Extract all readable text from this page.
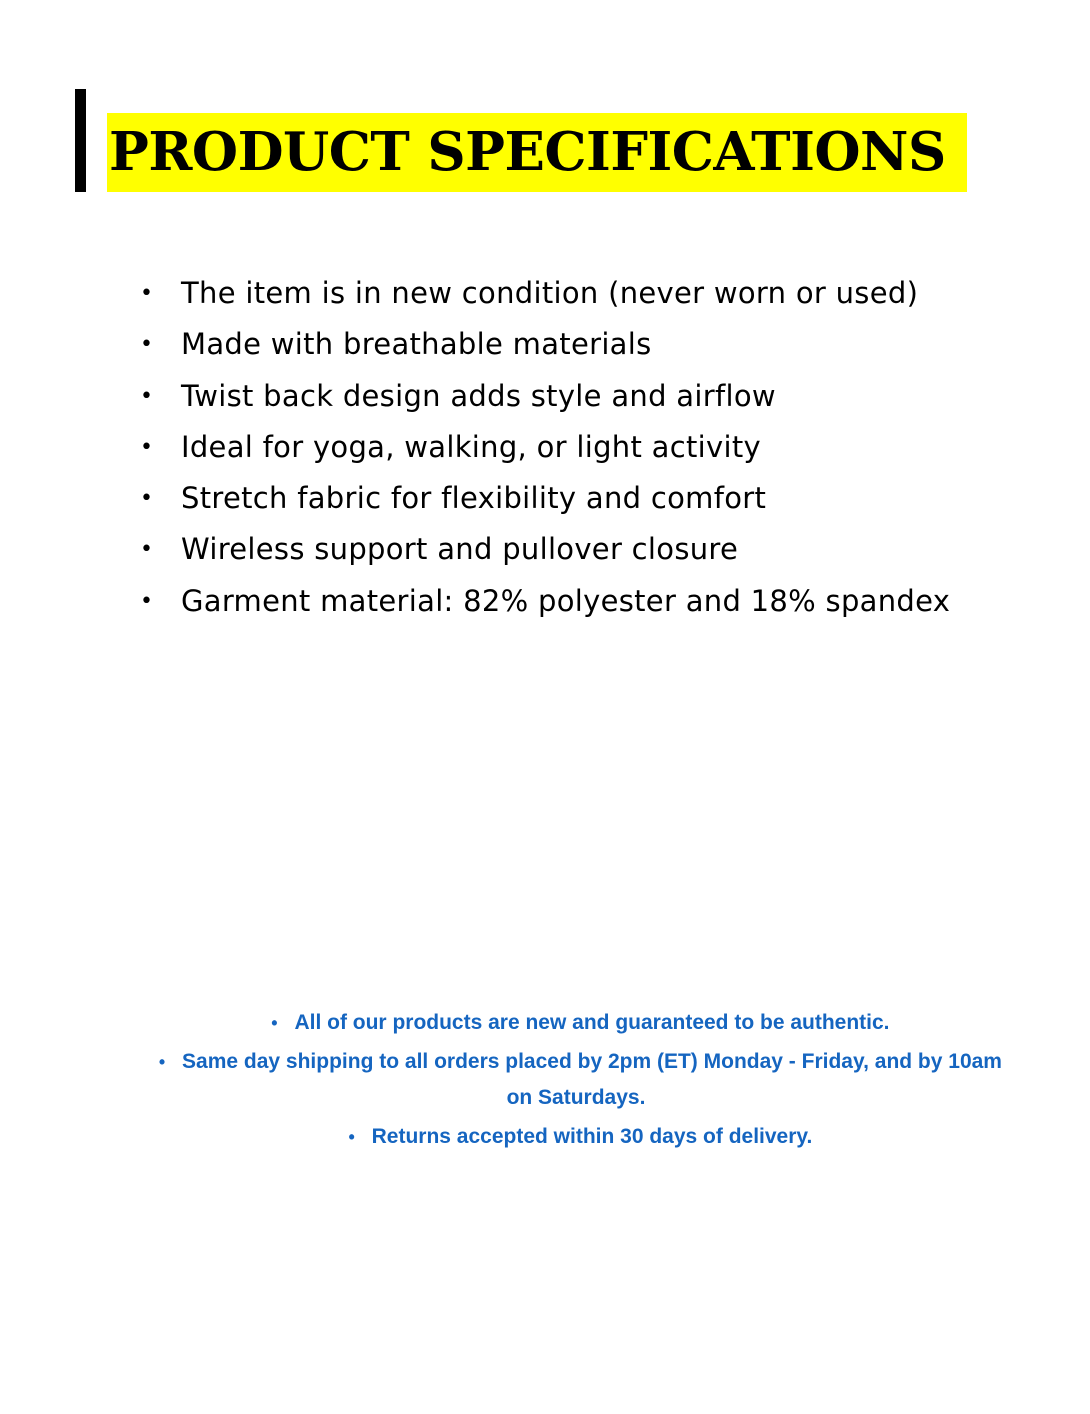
PRODUCT SPECIFICATIONS
• The item is in new condition (never worn or used)
• Made with breathable materials
• Twist back design adds style and airflow
• Ideal for yoga, walking, or light activity
• Stretch fabric for flexibility and comfort
• Wireless support and pullover closure
• Garment material: 82% polyester and 18% spandex
• All of our products are new and guaranteed to be authentic.
• Same day shipping to all orders placed by 2pm (ET) Monday - Friday, and by 10am on Saturdays.
• Returns accepted within 30 days of delivery.
